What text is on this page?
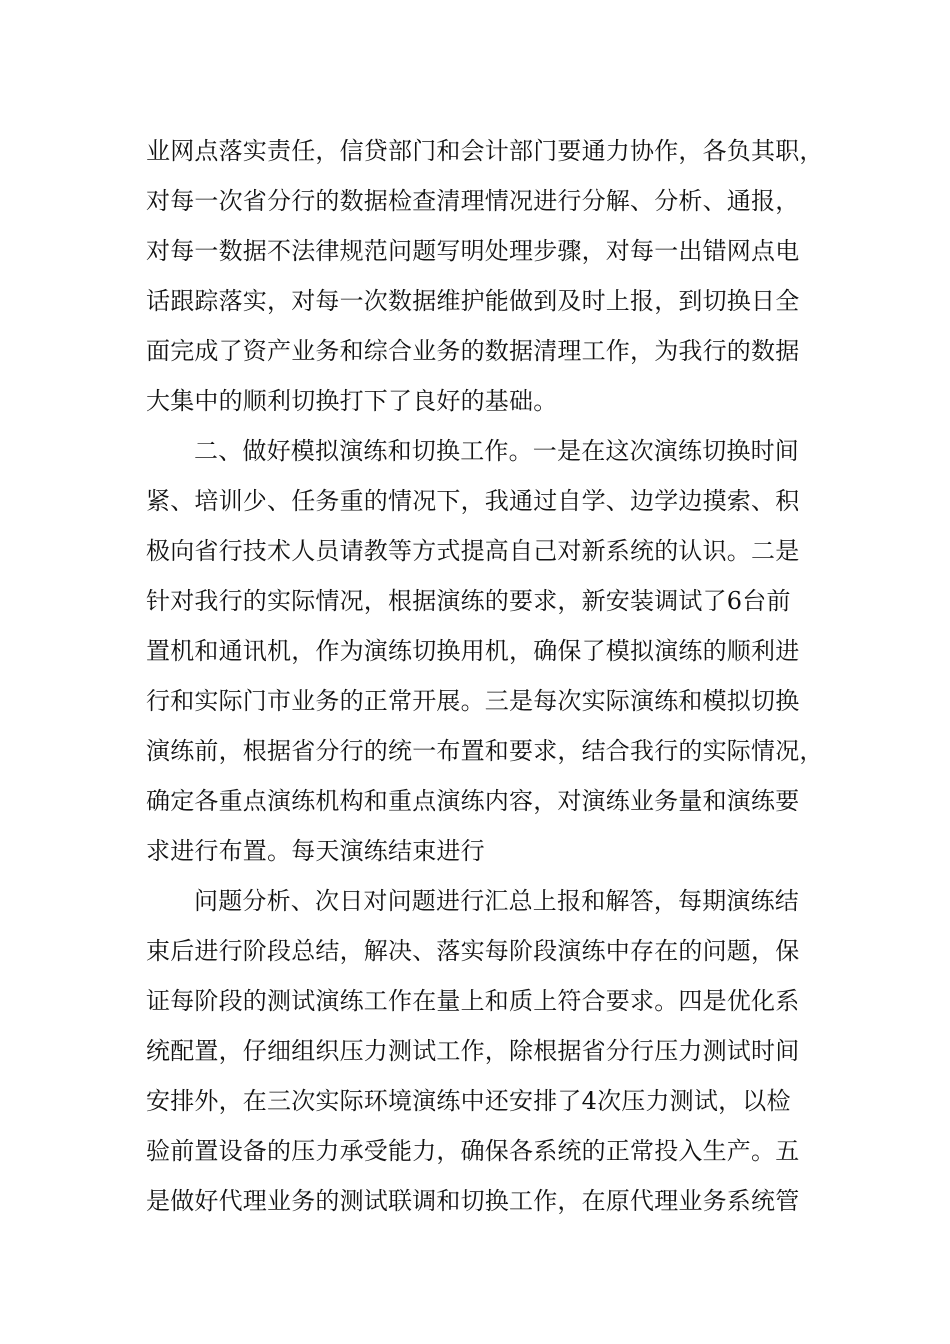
业网点落实责任，信贷部门和会计部门要通力协作，各负其职，
对每一次省分行的数据检查清理情况进行分解、分析、通报，
对每一数据不法律规范问题写明处理步骤，对每一出错网点电
话跟踪落实，对每一次数据维护能做到及时上报，到切换日全
面完成了资产业务和综合业务的数据清理工作，为我行的数据
大集中的顺利切换打下了良好的基础。
二、做好模拟演练和切换工作。一是在这次演练切换时间
紧、培训少、任务重的情况下，我通过自学、边学边摸索、积
极向省行技术人员请教等方式提高自己对新系统的认识。二是
针对我行的实际情况，根据演练的要求，新安装调试了6台前
置机和通讯机，作为演练切换用机，确保了模拟演练的顺利进
行和实际门市业务的正常开展。三是每次实际演练和模拟切换
演练前，根据省分行的统一布置和要求，结合我行的实际情况，
确定各重点演练机构和重点演练内容，对演练业务量和演练要
求进行布置。每天演练结束进行
问题分析、次日对问题进行汇总上报和解答，每期演练结
束后进行阶段总结，解决、落实每阶段演练中存在的问题，保
证每阶段的测试演练工作在量上和质上符合要求。四是优化系
统配置，仔细组织压力测试工作，除根据省分行压力测试时间
安排外，在三次实际环境演练中还安排了4次压力测试，以检
验前置设备的压力承受能力，确保各系统的正常投入生产。五
是做好代理业务的测试联调和切换工作，在原代理业务系统管
